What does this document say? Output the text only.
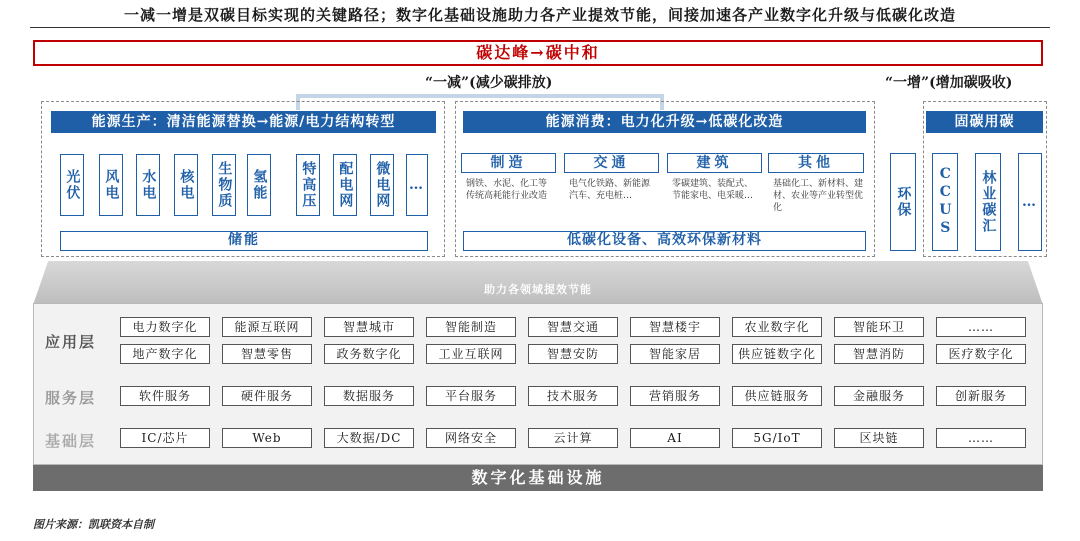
一减一增是双碳目标实现的关键路径；数字化基础设施助力各产业提效节能，间接加速各产业数字化升级与低碳化改造
碳达峰→碳中和
“一减”(减少碳排放)	“一增”(增加碳吸收)
能源生产：清洁能源替换→能源/电力结构转型
光伏	风电	水电	核电	生物质	氢能	特高压	配电网	微电网 …
储能
能源消费：电力化升级→低碳化改造
制造
钢铁、水泥、化工等传统高耗能行业改造
交通
电气化铁路、新能源汽车、充电桩…
建筑
零碳建筑、装配式、节能家电、电采暖…
其他
基础化工、新材料、建材、农业等产业转型优化
低碳化设备、高效环保新材料
环保
固碳用碳
CCUS	林业碳汇	…
助力各领域提效节能
应用层
服务层
基础层
电力数字化	能源互联网	智慧城市	智能制造	智慧交通	智慧楼宇	农业数字化	智能环卫	……
地产数字化	智慧零售	政务数字化	工业互联网	智慧安防	智能家居	供应链数字化	智慧消防	医疗数字化
软件服务	硬件服务	数据服务	平台服务	技术服务	营销服务	供应链服务	金融服务	创新服务
IC/芯片	Web	大数据/DC	网络安全	云计算	AI	5G/IoT	区块链	……
数字化基础设施
图片来源：凯联资本自制
